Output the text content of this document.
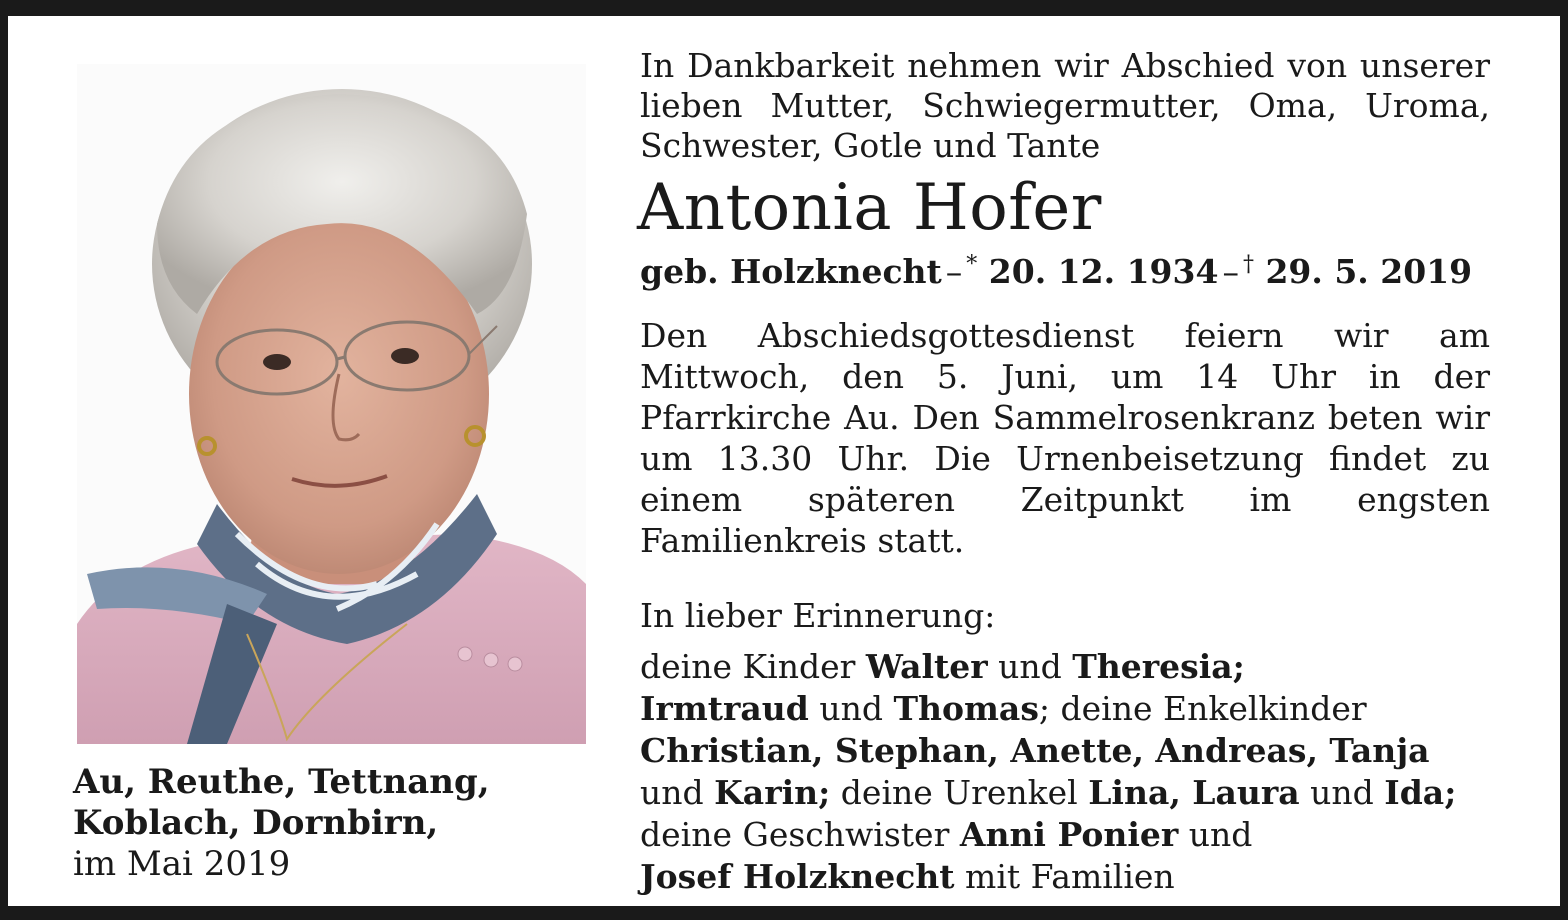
Au, Reuthe, Tettnang,
Koblach, Dornbirn,
im Mai 2019

In Dankbarkeit nehmen wir Abschied von unserer lieben Mutter, Schwiegermutter, Oma, Uroma, Schwester, Gotle und Tante

Antonia Hofer

geb. Holzknecht – * 20. 12. 1934 – † 29. 5. 2019

Den Abschiedsgottesdienst feiern wir am Mittwoch, den 5. Juni, um 14 Uhr in der Pfarrkirche Au. Den Sammelrosenkranz beten wir um 13.30 Uhr. Die Urnenbeisetzung findet zu einem späteren Zeitpunkt im engsten Familienkreis statt.

In lieber Erinnerung:

deine Kinder Walter und Theresia;
Irmtraud und Thomas; deine Enkelkinder
Christian, Stephan, Anette, Andreas, Tanja
und Karin; deine Urenkel Lina, Laura und Ida;
deine Geschwister Anni Ponier und
Josef Holzknecht mit Familien
